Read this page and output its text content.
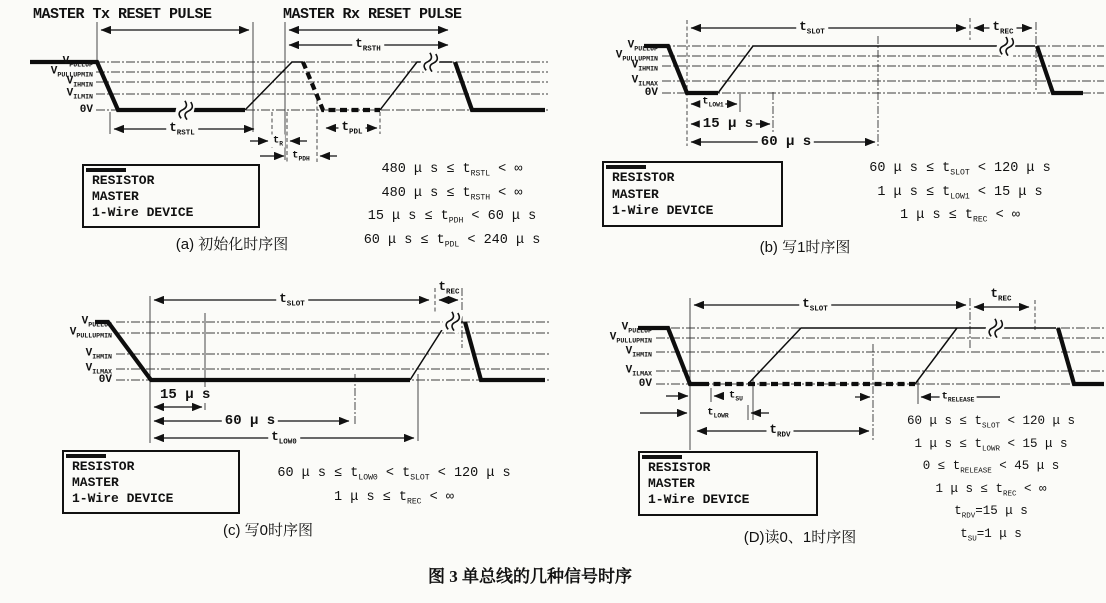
MASTER Tx RESET PULSE	MASTER Rx RESET PULSE
$V_{PULLUP}$
$V_{PULLUPMIN}$
$V_{IHMIN}$
$V_{ILMIN}$
0V
$t_{RSTH}$
$t_{RSTL}$
$t_R$
$t_{PDH}$
$t_{PDL}$
480 μ $s \le t_{RSTL}$ < ∞
480 μ $s \le t_{RSTH}$ < ∞
15 μ $s \le t_{PDH} < 60$ μ s
60 μ $s \le t_{PDL} < 240$ μ s
RESISTOR
MASTER
1-Wire DEVICE
(a) 初始化时序图
$V_{PULLUP}$
$V_{PULLUPMIN}$
$V_{IHMIN}$
$V_{ILMAX}$
0V
$t_{SLOT}$	$t_{REC}$
$t_{LOW1}$
15 μ s
60 μ s
60 μ $s \le t_{SLOT} < 120$ μ s
1 μ $s \le t_{LOW1} < 15$ μ s
1 μ $s \le t_{REC}$ < ∞
RESISTOR
MASTER
1-Wire DEVICE
(b) 写1时序图
$V_{PULLUP}$
$V_{PULLUPMIN}$
$V_{IHMIN}$
$V_{ILMAX}$
0V
$t_{SLOT}$
$t_{REC}$
15 μ s
60 μ s
$t_{LOW0}$
60 μ $s \le t_{LOW0} < t_{SLOT} < 120$ μ s
1 μ $s \le t_{REC}$ < ∞
RESISTOR
MASTER
1-Wire DEVICE
(c) 写0时序图
$V_{PULLUP}$
$V_{PULLUPMIN}$
$V_{IHMIN}$
$V_{ILMAX}$
0V
$t_{SLOT}$
$t_{REC}$
$t_{SU}$
$t_{LOWR}$
$t_{RELEASE}$
$t_{RDV}$
60 μ $s \le t_{SLOT} < 120$ μ s
1 μ $s \le t_{LOWR} < 15$ μ s
$0 \le t_{RELEASE} < 45$ μ s
1 μ $s \le t_{REC}$ < ∞
$t_{RDV}=15$ μ s
$t_{SU}=1$ μ s
RESISTOR
MASTER
1-Wire DEVICE
(D)读0、1时序图
图 3 单总线的几种信号时序
